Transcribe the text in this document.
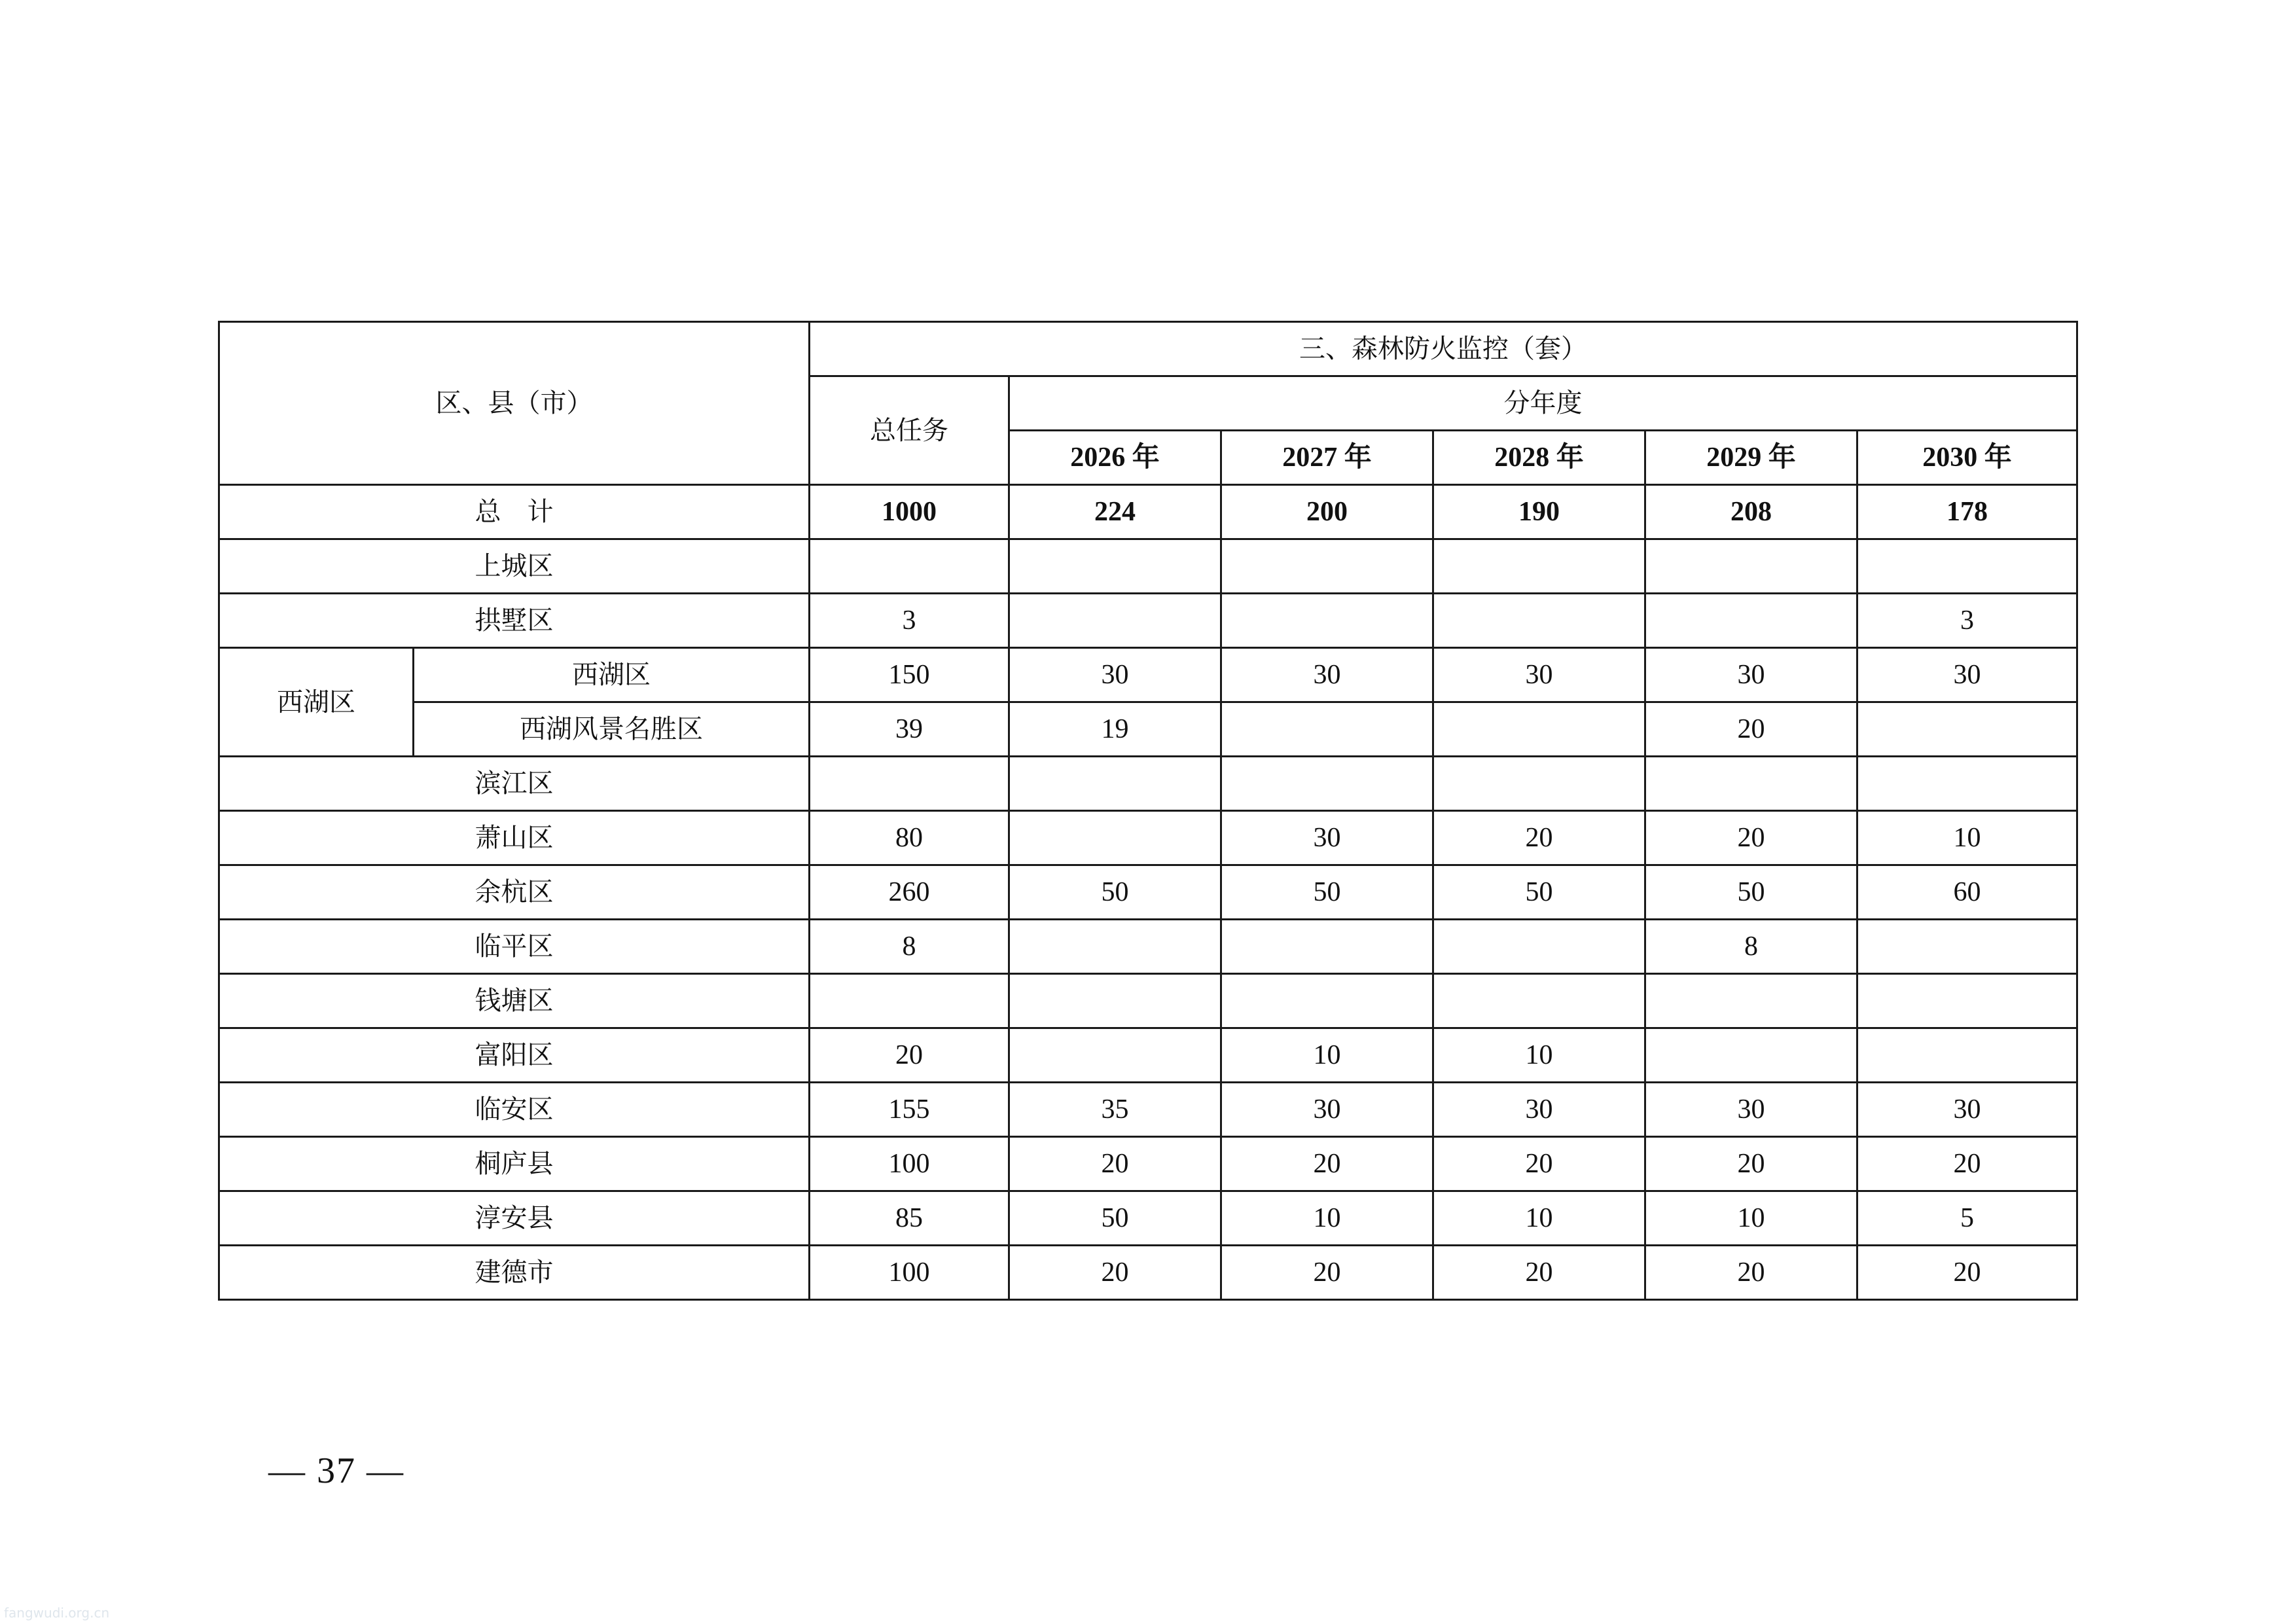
区、县（市）		三、森林防火监控（套）					
		总任务	分年度				
			2026 年	2027 年	2028 年	2029 年	2030 年
总　计		1000	224	200	190	208	178
上城区							
拱墅区		3					3
西湖区	西湖区	150	30	30	30	30	30
	西湖风景名胜区	39	19			20	
滨江区							
萧山区		80		30	20	20	10
余杭区		260	50	50	50	50	60
临平区		8				8	
钱塘区							
富阳区		20		10	10		
临安区		155	35	30	30	30	30
桐庐县		100	20	20	20	20	20
淳安县		85	50	10	10	10	5
建德市		100	20	20	20	20	20
— 37 —
fangwudi.org.cn
